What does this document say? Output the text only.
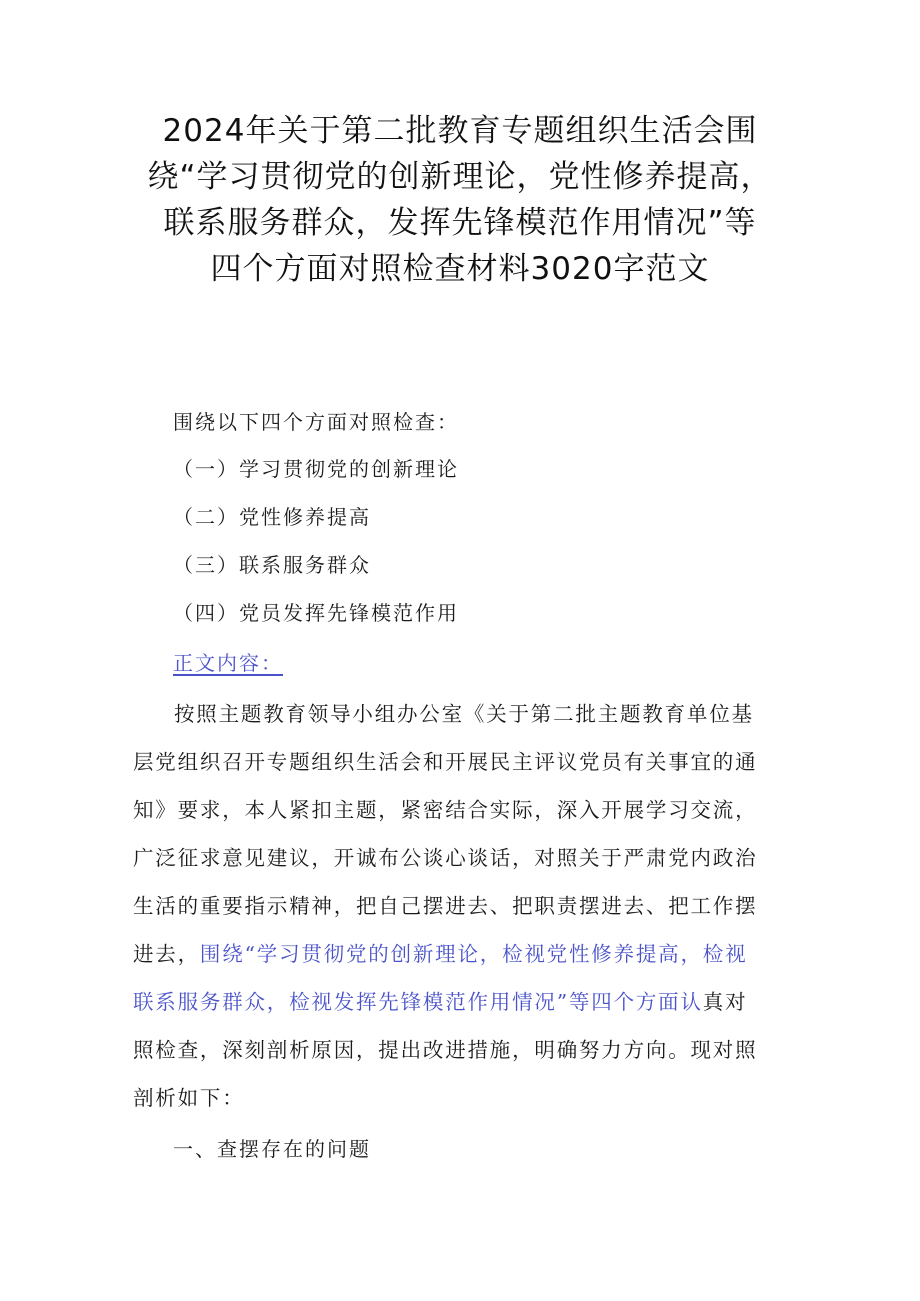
2024年关于第二批教育专题组织生活会围
绕“学习贯彻党的创新理论，党性修养提高，
联系服务群众，发挥先锋模范作用情况”等
四个方面对照检查材料3020字范文
围绕以下四个方面对照检查：
（一）学习贯彻党的创新理论
（二）党性修养提高
（三）联系服务群众
（四）党员发挥先锋模范作用
正文内容：
按照主题教育领导小组办公室《关于第二批主题教育单位基
层党组织召开专题组织生活会和开展民主评议党员有关事宜的通
知》要求，本人紧扣主题，紧密结合实际，深入开展学习交流，
广泛征求意见建议，开诚布公谈心谈话，对照关于严肃党内政治
生活的重要指示精神，把自己摆进去、把职责摆进去、把工作摆
进去，围绕“学习贯彻党的创新理论，检视党性修养提高，检视
联系服务群众，检视发挥先锋模范作用情况”等四个方面认真对
照检查，深刻剖析原因，提出改进措施，明确努力方向。现对照
剖析如下：
一、查摆存在的问题
